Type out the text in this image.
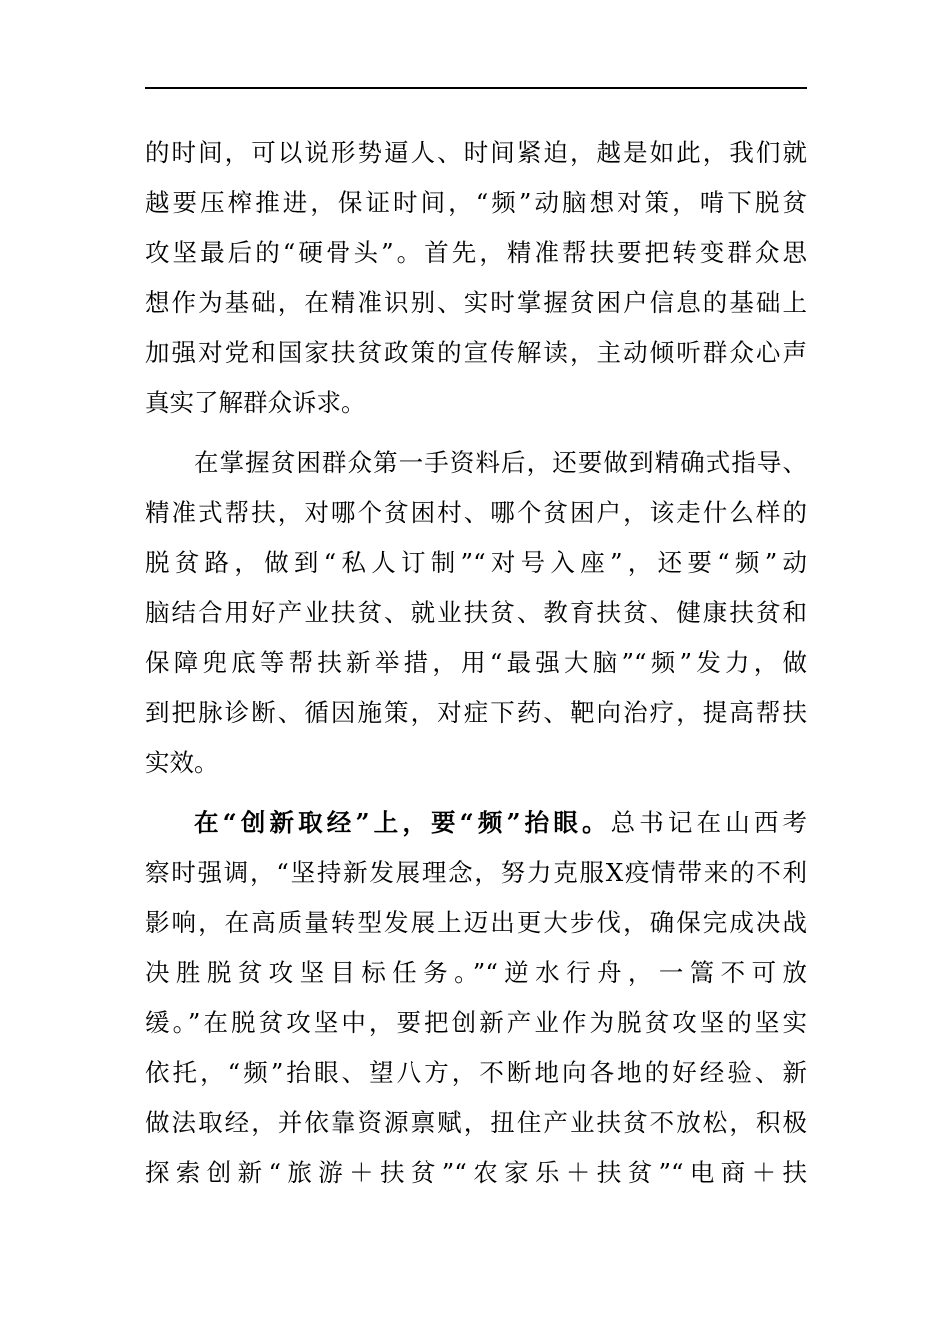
的时间，可以说形势逼人、时间紧迫，越是如此，我们就
越要压榨推进，保证时间，“频”动脑想对策，啃下脱贫
攻坚最后的“硬骨头”。首先，精准帮扶要把转变群众思
想作为基础，在精准识别、实时掌握贫困户信息的基础上
加强对党和国家扶贫政策的宣传解读，主动倾听群众心声
真实了解群众诉求。
在掌握贫困群众第一手资料后，还要做到精确式指导、
精准式帮扶，对哪个贫困村、哪个贫困户，该走什么样的
脱贫路，做到“私人订制”“对号入座”，还要“频”动
脑结合用好产业扶贫、就业扶贫、教育扶贫、健康扶贫和
保障兜底等帮扶新举措，用“最强大脑”“频”发力，做
到把脉诊断、循因施策，对症下药、靶向治疗，提高帮扶
实效。
在“创新取经”上，要“频”抬眼。总书记在山西考
察时强调，“坚持新发展理念，努力克服X疫情带来的不利
影响，在高质量转型发展上迈出更大步伐，确保完成决战
决胜脱贫攻坚目标任务。”“逆水行舟，一篙不可放
缓。”在脱贫攻坚中，要把创新产业作为脱贫攻坚的坚实
依托，“频”抬眼、望八方，不断地向各地的好经验、新
做法取经，并依靠资源禀赋，扭住产业扶贫不放松，积极
探索创新“旅游＋扶贫”“农家乐＋扶贫”“电商＋扶
